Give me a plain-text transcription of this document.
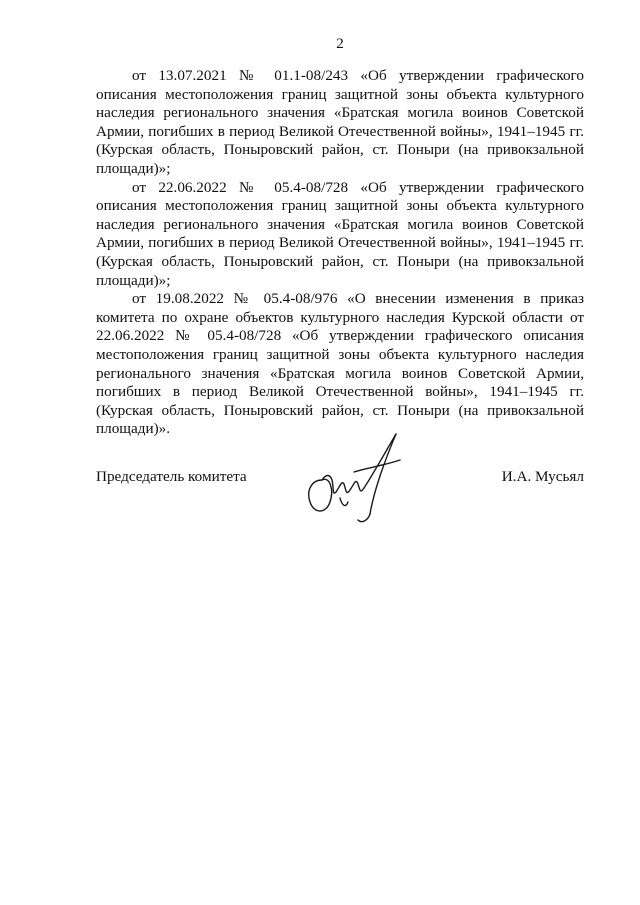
2

от 13.07.2021 № 01.1-08/243 «Об утверждении графического описания местоположения границ защитной зоны объекта культурного наследия регионального значения «Братская могила воинов Советской Армии, погибших в период Великой Отечественной войны», 1941–1945 гг. (Курская область, Поныровский район, ст. Поныри (на привокзальной площади)»;

от 22.06.2022 № 05.4-08/728 «Об утверждении графического описания местоположения границ защитной зоны объекта культурного наследия регионального значения «Братская могила воинов Советской Армии, погибших в период Великой Отечественной войны», 1941–1945 гг. (Курская область, Поныровский район, ст. Поныри (на привокзальной площади)»;

от 19.08.2022 № 05.4-08/976 «О внесении изменения в приказ комитета по охране объектов культурного наследия Курской области от 22.06.2022 № 05.4-08/728 «Об утверждении графического описания местоположения границ защитной зоны объекта культурного наследия регионального значения «Братская могила воинов Советской Армии, погибших в период Великой Отечественной войны», 1941–1945 гг. (Курская область, Поныровский район, ст. Поныри (на привокзальной площади)».

Председатель комитета	И.А. Мусьял
